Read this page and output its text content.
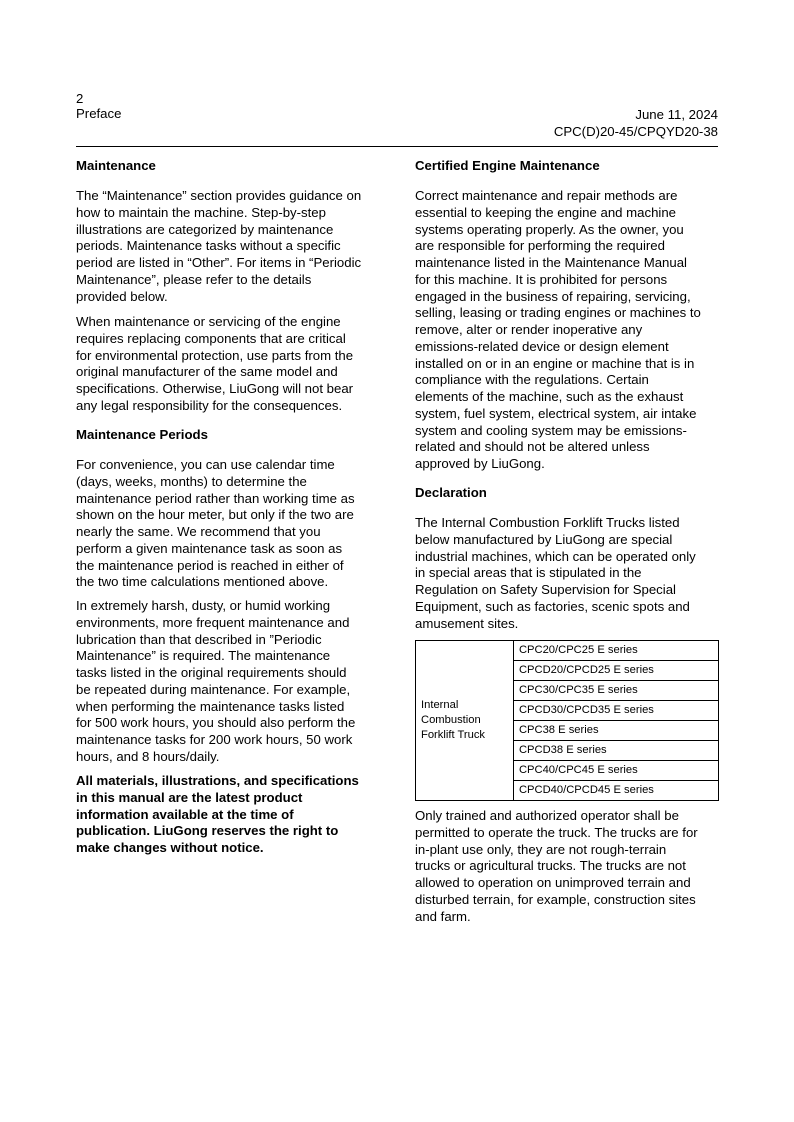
2
Preface	June 11, 2024
CPC(D)20-45/CPQYD20-38
Maintenance
The “Maintenance” section provides guidance on
how to maintain the machine. Step-by-step
illustrations are categorized by maintenance
periods. Maintenance tasks without a specific
period are listed in “Other”. For items in “Periodic
Maintenance”, please refer to the details
provided below.
When maintenance or servicing of the engine
requires replacing components that are critical
for environmental protection, use parts from the
original manufacturer of the same model and
specifications. Otherwise, LiuGong will not bear
any legal responsibility for the consequences.
Maintenance Periods
For convenience, you can use calendar time
(days, weeks, months) to determine the
maintenance period rather than working time as
shown on the hour meter, but only if the two are
nearly the same. We recommend that you
perform a given maintenance task as soon as
the maintenance period is reached in either of
the two time calculations mentioned above.
In extremely harsh, dusty, or humid working
environments, more frequent maintenance and
lubrication than that described in ”Periodic
Maintenance” is required. The maintenance
tasks listed in the original requirements should
be repeated during maintenance. For example,
when performing the maintenance tasks listed
for 500 work hours, you should also perform the
maintenance tasks for 200 work hours, 50 work
hours, and 8 hours/daily.
All materials, illustrations, and specifications
in this manual are the latest product
information available at the time of
publication. LiuGong reserves the right to
make changes without notice.
Certified Engine Maintenance
Correct maintenance and repair methods are
essential to keeping the engine and machine
systems operating properly. As the owner, you
are responsible for performing the required
maintenance listed in the Maintenance Manual
for this machine. It is prohibited for persons
engaged in the business of repairing, servicing,
selling, leasing or trading engines or machines to
remove, alter or render inoperative any
emissions-related device or design element
installed on or in an engine or machine that is in
compliance with the regulations. Certain
elements of the machine, such as the exhaust
system, fuel system, electrical system, air intake
system and cooling system may be emissions-
related and should not be altered unless
approved by LiuGong.
Declaration
The Internal Combustion Forklift Trucks listed
below manufactured by LiuGong are special
industrial machines, which can be operated only
in special areas that is stipulated in the
Regulation on Safety Supervision for Special
Equipment, such as factories, scenic spots and
amusement sites.
Internal
Combustion
Forklift Truck
	CPC20/CPC25 E series
CPCD20/CPCD25 E series
CPC30/CPC35 E series
CPCD30/CPCD35 E series
CPC38 E series
CPCD38 E series
CPC40/CPC45 E series
CPCD40/CPCD45 E series
Only trained and authorized operator shall be
permitted to operate the truck. The trucks are for
in-plant use only, they are not rough-terrain
trucks or agricultural trucks. The trucks are not
allowed to operation on unimproved terrain and
disturbed terrain, for example, construction sites
and farm.
